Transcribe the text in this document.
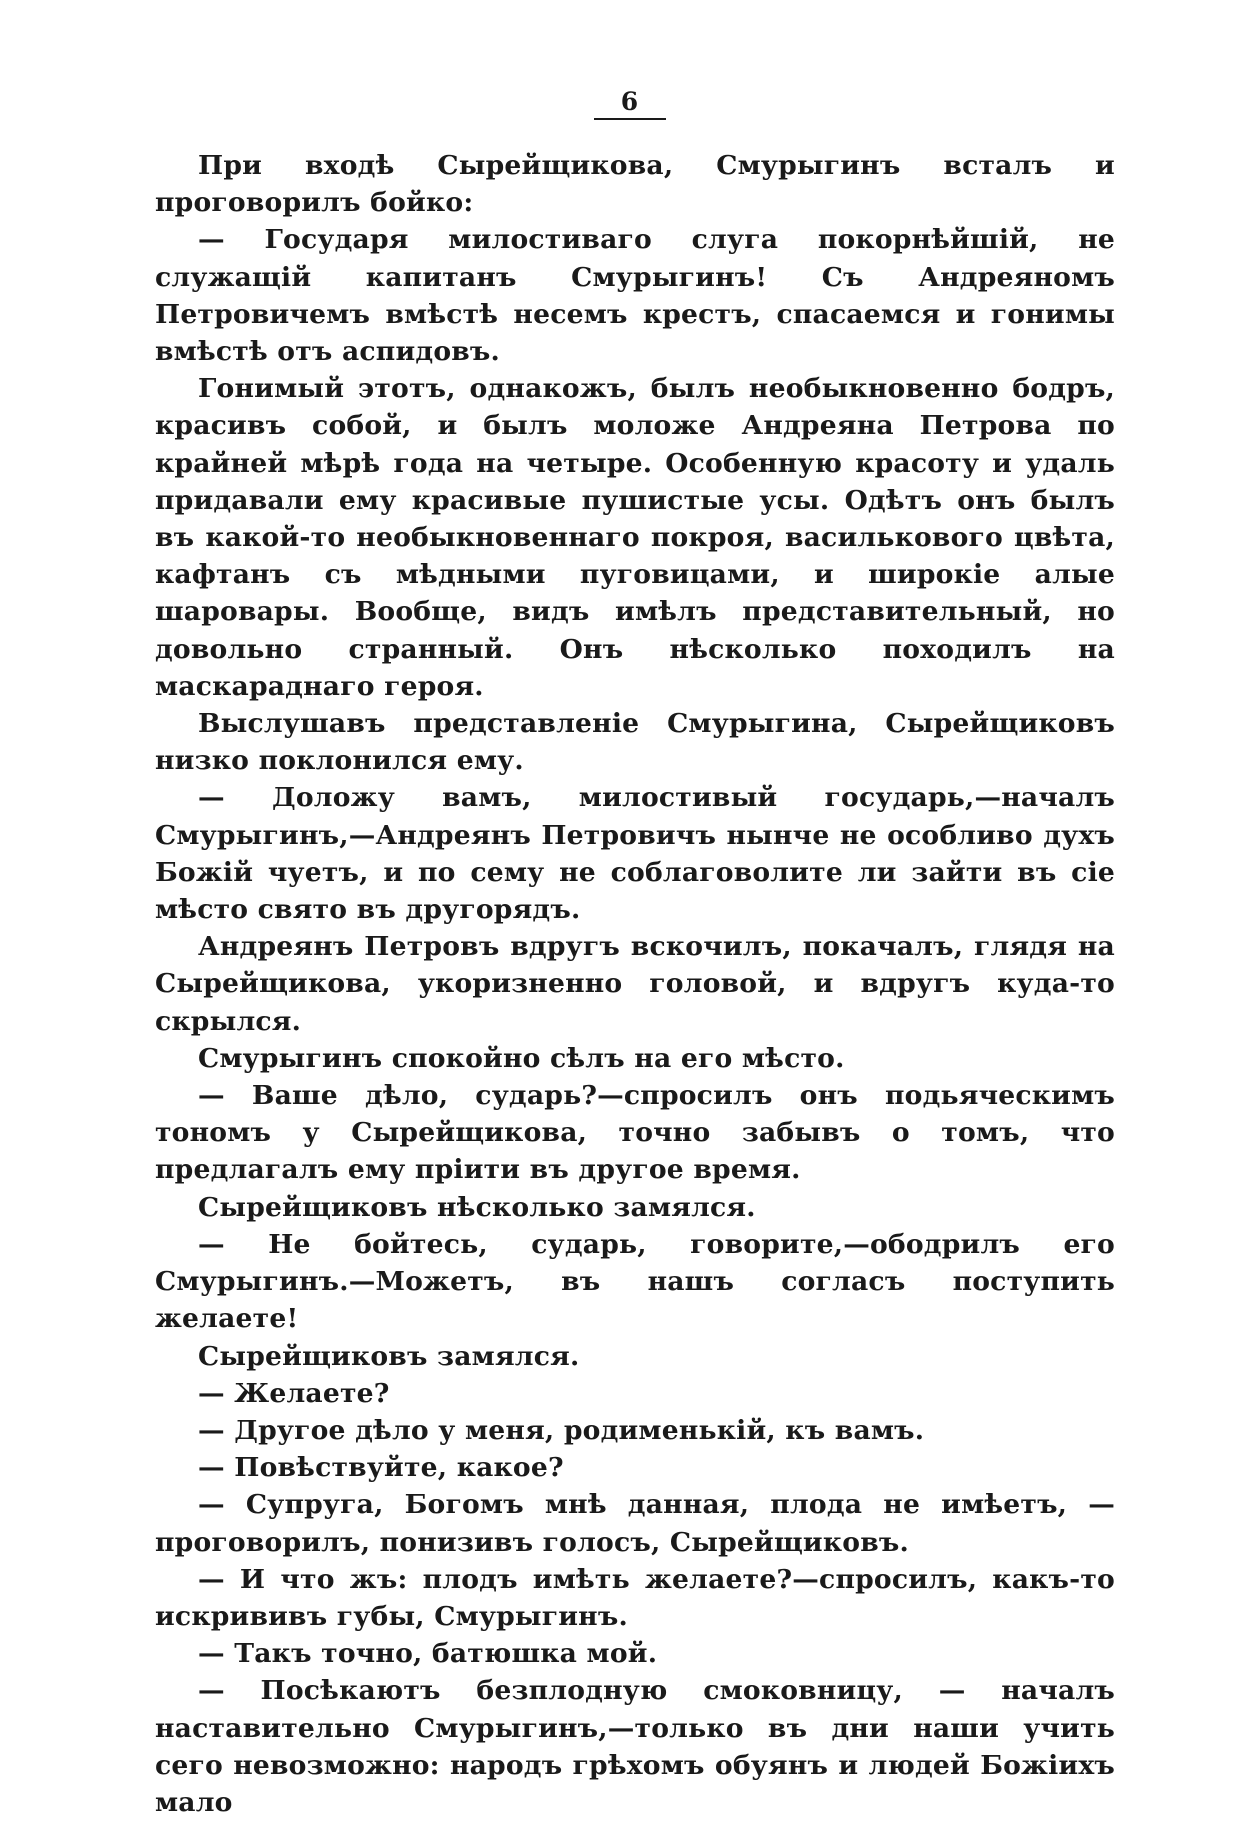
6

При входѣ Сырейщикова, Смурыгинъ всталъ и проговорилъ бойко:

— Государя милостиваго слуга покорнѣйшій, не служащій капитанъ Смурыгинъ! Съ Андреяномъ Петровичемъ вмѣстѣ несемъ крестъ, спасаемся и гонимы вмѣстѣ отъ аспидовъ.

Гонимый этотъ, однакожъ, былъ необыкновенно бодръ, красивъ собой, и былъ моложе Андреяна Петрова по крайней мѣрѣ года на четыре. Особенную красоту и удаль придавали ему красивые пушистые усы. Одѣтъ онъ былъ въ какой-то необыкновеннаго покроя, василькового цвѣта, кафтанъ съ мѣдными пуговицами, и широкіе алые шаровары. Вообще, видъ имѣлъ представительный, но довольно странный. Онъ нѣсколько походилъ на маскараднаго героя.

Выслушавъ представленіе Смурыгина, Сырейщиковъ низко поклонился ему.

— Доложу вамъ, милостивый государь,—началъ Смурыгинъ,—Андреянъ Петровичъ нынче не особливо духъ Божій чуетъ, и по сему не соблаговолите ли зайти въ сіе мѣсто свято въ другорядъ.

Андреянъ Петровъ вдругъ вскочилъ, покачалъ, глядя на Сырейщикова, укоризненно головой, и вдругъ куда-то скрылся.

Смурыгинъ спокойно сѣлъ на его мѣсто.

— Ваше дѣло, сударь?—спросилъ онъ подьяческимъ тономъ у Сырейщикова, точно забывъ о томъ, что предлагалъ ему пріити въ другое время.

Сырейщиковъ нѣсколько замялся.

— Не бойтесь, сударь, говорите,—ободрилъ его Смурыгинъ.—Можетъ, въ нашъ согласъ поступить желаете!

Сырейщиковъ замялся.

— Желаете?

— Другое дѣло у меня, родименькій, къ вамъ.

— Повѣствуйте, какое?

— Супруга, Богомъ мнѣ данная, плода не имѣетъ, — проговорилъ, понизивъ голосъ, Сырейщиковъ.

— И что жъ: плодъ имѣть желаете?—спросилъ, какъ-то искрививъ губы, Смурыгинъ.

— Такъ точно, батюшка мой.

— Посѣкаютъ безплодную смоковницу, — началъ наставительно Смурыгинъ,—только въ дни наши учить сего невозможно: народъ грѣхомъ обуянъ и людей Божіихъ мало
